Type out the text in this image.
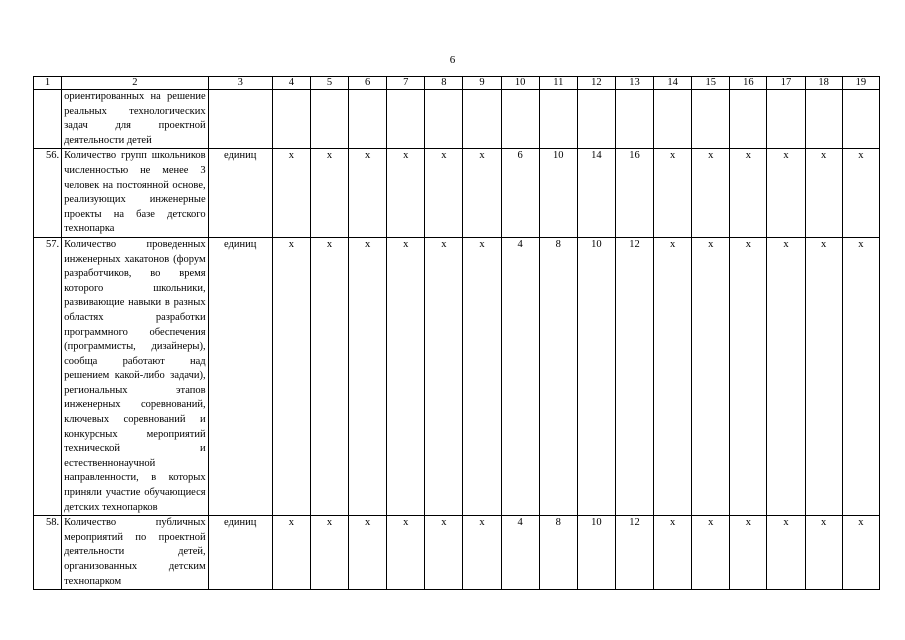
6
1	2	3	4	5	6	7	8	9	10	11	12	13	14	15	16	17	18	19
	ориентированных на решение реальных технологических задач для проектной деятельности детей																	
56.	Количество групп школьников численностью не менее 3 человек на постоянной основе, реализующих инженерные проекты на базе детского технопарка	единиц	х	х	х	х	х	х	6	10	14	16	х	х	х	х	х	х
57.	Количество проведенных инженерных хакатонов (форум разработчиков, во время которого школьники, развивающие навыки в разных областях разработки программного обеспечения (программисты, дизайнеры), сообща работают над решением какой-либо задачи), региональных этапов инженерных соревнований, ключевых соревнований и конкурсных мероприятий технической и естественнонаучной направленности, в которых приняли участие обучающиеся детских технопарков	единиц	х	х	х	х	х	х	4	8	10	12	х	х	х	х	х	х
58.	Количество публичных мероприятий по проектной деятельности детей, организованных детским технопарком	единиц	х	х	х	х	х	х	4	8	10	12	х	х	х	х	х	х
